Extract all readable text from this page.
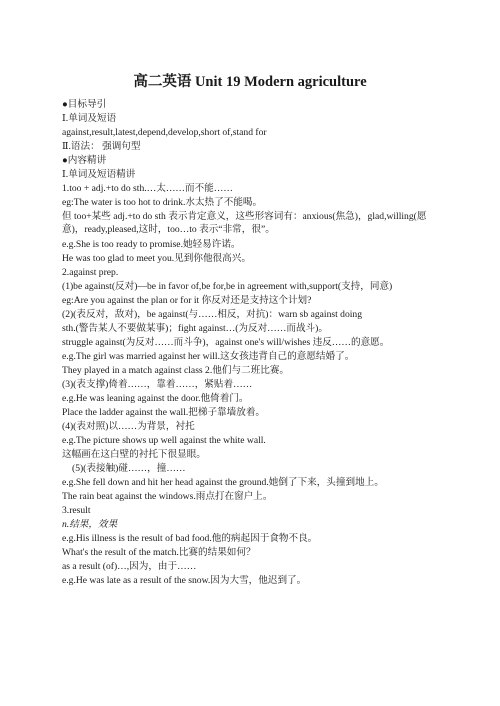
高二英语 Unit 19 Modern agriculture
●目标导引
Ⅰ.单词及短语
against,result,latest,depend,develop,short of,stand for
Ⅱ.语法： 强调句型
●内容精讲
Ⅰ.单词及短语精讲
1.too + adj.+to do sth.…太……而不能……
eg:The water is too hot to drink.水太热了不能喝。
但 too+某些 adj.+to do sth 表示肯定意义，这些形容词有：anxious(焦急)，glad,willing(愿意)，ready,pleased,这时，too…to 表示“非常，很”。
e.g.She is too ready to promise.她轻易许诺。
He was too glad to meet you.见到你他很高兴。
2.against prep.
(1)be against(反对)—be in favor of,be for,be in agreement with,support(支持，同意)
eg:Are you against the plan or for it 你反对还是支持这个计划?
(2)(表反对，敌对)，be against(与……相反，对抗)：warn sb against doing
sth.(警告某人不要做某事)；fight against…(为反对……而战斗)。
struggle against(为反对……而斗争)，against one's will/wishes 违反……的意愿。
e.g.The girl was married against her will.这女孩违背自己的意愿结婚了。
They played in a match against class 2.他们与二班比赛。
(3)(表支撑)倚着……，靠着……，紧贴着……
e.g.He was leaning against the door.他倚着门。
Place the ladder against the wall.把梯子靠墙放着。
(4)(表对照)以……为背景，衬托
e.g.The picture shows up well against the white wall.
这幅画在这白壁的衬托下很显眼。
(5)(表接触)碰……，撞……
e.g.She fell down and hit her head against the ground.她倒了下来，头撞到地上。
The rain beat against the windows.雨点打在窗户上。
3.result
n.结果，效果
e.g.His illness is the result of bad food.他的病起因于食物不良。
What's the result of the match.比赛的结果如何？
as a result (of)…,因为，由于……
e.g.He was late as a result of the snow.因为大雪，他迟到了。
